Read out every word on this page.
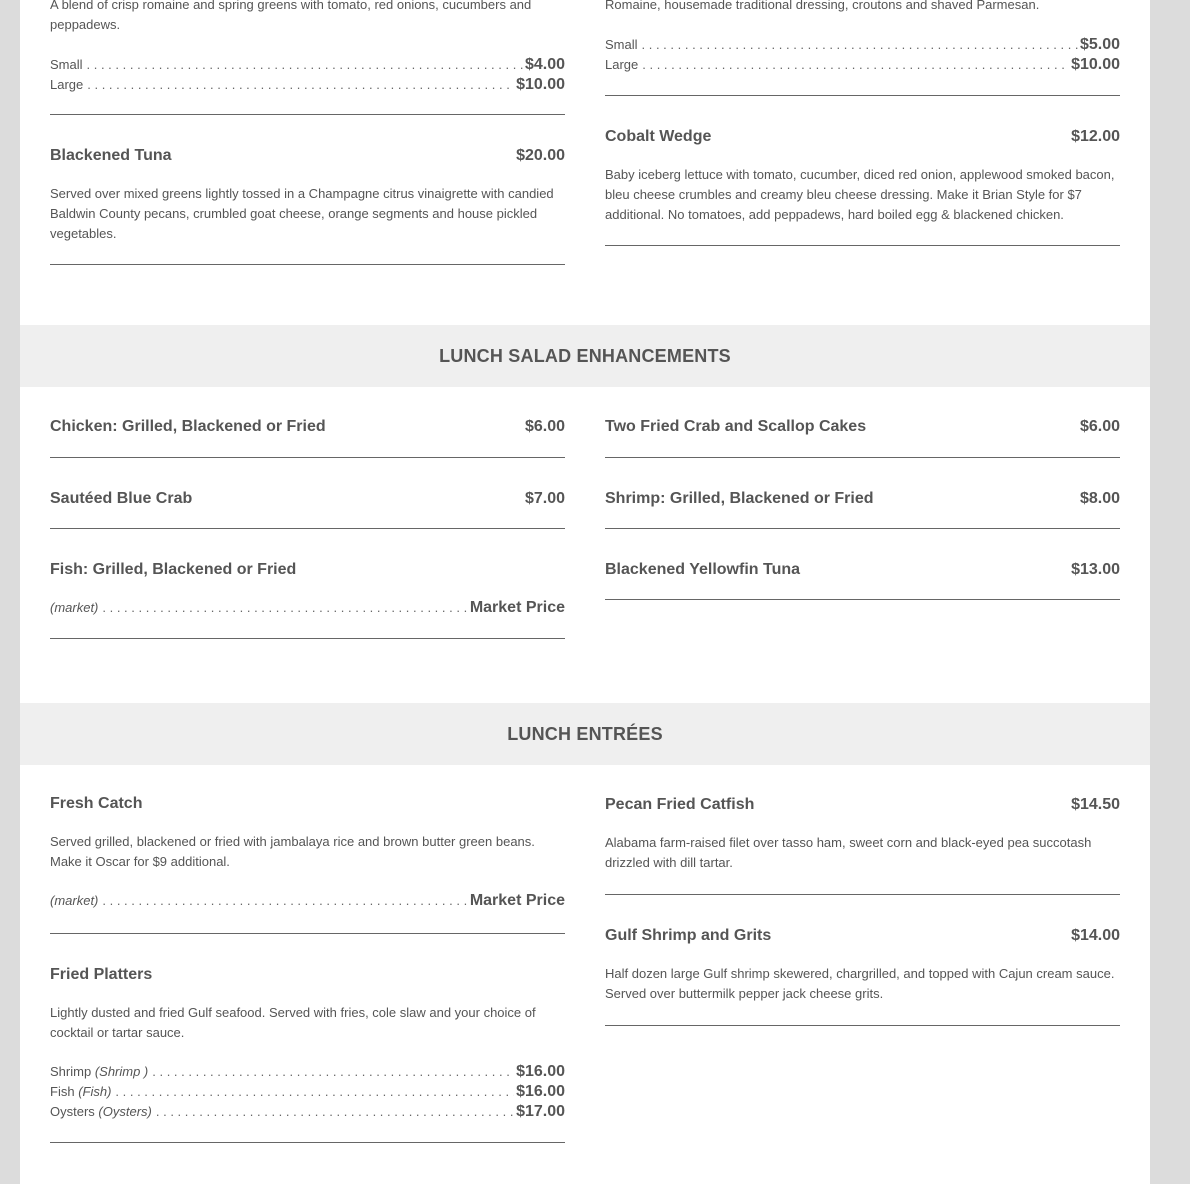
A blend of crisp romaine and spring greens with tomato, red onions, cucumbers and peppadews.

Small . . .	$4.00
Large . . .	$10.00
Blackened Tuna	$20.00

Served over mixed greens lightly tossed in a Champagne citrus vinaigrette with candied Baldwin County pecans, crumbled goat cheese, orange segments and house pickled vegetables.

Romaine, housemade traditional dressing, croutons and shaved Parmesan.

Small . . .	$5.00
Large . . .	$10.00
Cobalt Wedge	$12.00

Baby iceberg lettuce with tomato, cucumber, diced red onion, applewood smoked bacon, bleu cheese crumbles and creamy bleu cheese dressing. Make it Brian Style for $7 additional. No tomatoes, add peppadews, hard boiled egg & blackened chicken.

LUNCH SALAD ENHANCEMENTS
Chicken: Grilled, Blackened or Fried	$6.00
Sautéed Blue Crab	$7.00
Fish: Grilled, Blackened or Fried
(market) . . .	Market Price
Two Fried Crab and Scallop Cakes	$6.00
Shrimp: Grilled, Blackened or Fried	$8.00
Blackened Yellowfin Tuna	$13.00
LUNCH ENTRÉES
Fresh Catch

Served grilled, blackened or fried with jambalaya rice and brown butter green beans. Make it Oscar for $9 additional.

(market) . . .	Market Price
Fried Platters

Lightly dusted and fried Gulf seafood. Served with fries, cole slaw and your choice of cocktail or tartar sauce.

Shrimp (Shrimp ) . . .	$16.00
Fish (Fish) . . .	$16.00
Oysters (Oysters) . . .	$17.00
Pecan Fried Catfish	$14.50

Alabama farm-raised filet over tasso ham, sweet corn and black-eyed pea succotash drizzled with dill tartar.

Gulf Shrimp and Grits	$14.00

Half dozen large Gulf shrimp skewered, chargrilled, and topped with Cajun cream sauce. Served over buttermilk pepper jack cheese grits.
